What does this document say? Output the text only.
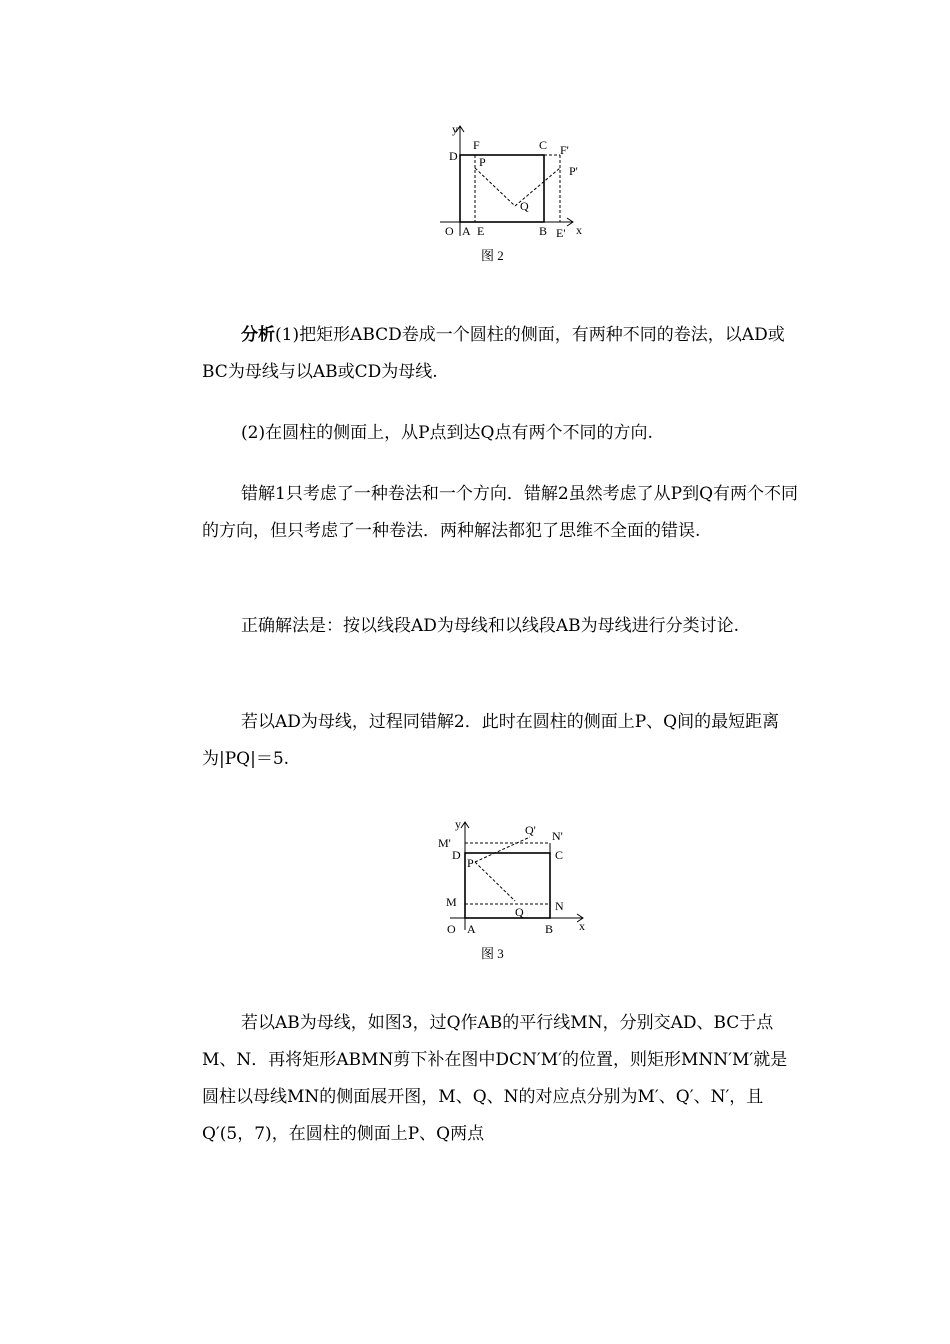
y
x
O A E	B E'
D
F	C F'
P
P'
Q
图 2

分析(1)把矩形ABCD卷成一个圆柱的侧面，有两种不同的卷法，以AD或BC为母线与以AB或CD为母线.

(2)在圆柱的侧面上，从P点到达Q点有两个不同的方向.

错解1只考虑了一种卷法和一个方向．错解2虽然考虑了从P到Q有两个不同的方向，但只考虑了一种卷法．两种解法都犯了思维不全面的错误.

正确解法是：按以线段AD为母线和以线段AB为母线进行分类讨论.

若以AD为母线，过程同错解2．此时在圆柱的侧面上P、Q间的最短距离为|PQ|＝5.

y
x
O A	B
M'
Q' N'
D	C
P
M	N
Q
图 3

若以AB为母线，如图3，过Q作AB的平行线MN，分别交AD、BC于点M、N．再将矩形ABMN剪下补在图中DCN′M′的位置，则矩形MNN′M′就是圆柱以母线MN的侧面展开图，M、Q、N的对应点分别为M′、Q′、N′，且Q′(5，7)，在圆柱的侧面上P、Q两点
